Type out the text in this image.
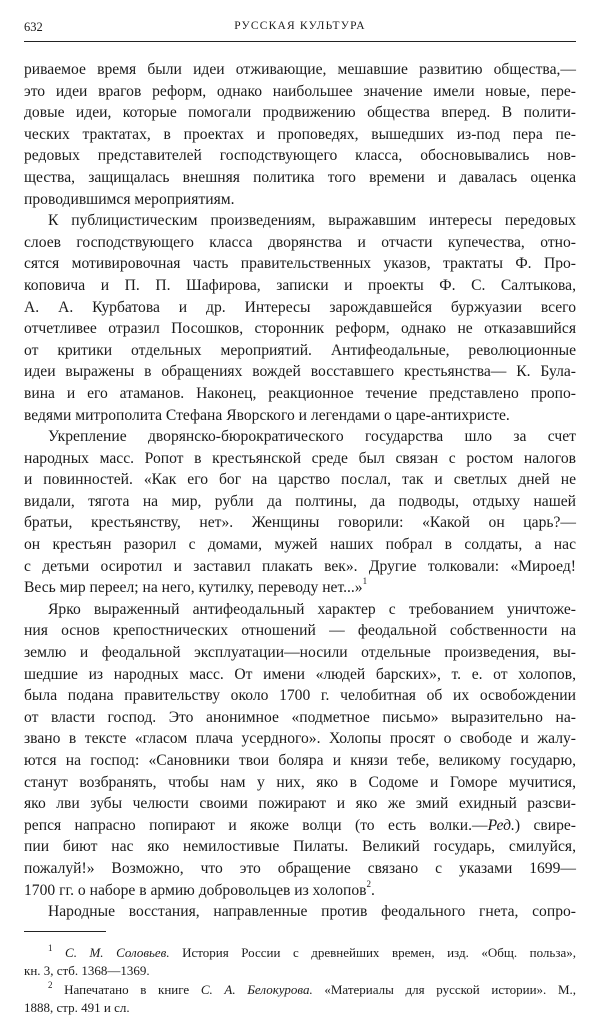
632	РУССКАЯ КУЛЬТУРА
риваемое время были идеи отживающие, мешавшие развитию общества,—
это идеи врагов реформ, однако наибольшее значение имели новые, пере-
довые идеи, которые помогали продвижению общества вперед. В полити-
ческих трактатах, в проектах и проповедях, вышедших из-под пера пе-
редовых представителей господствующего класса, обосновывались нов-
щества, защищалась внешняя политика того времени и давалась оценка
проводившимся мероприятиям.
К публицистическим произведениям, выражавшим интересы передовых
слоев господствующего класса дворянства и отчасти купечества, отно-
сятся мотивировочная часть правительственных указов, трактаты Ф. Про-
коповича и П. П. Шафирова, записки и проекты Ф. С. Салтыкова,
А. А. Курбатова и др. Интересы зарождавшейся буржуазии всего
отчетливее отразил Посошков, сторонник реформ, однако не отказавшийся
от критики отдельных мероприятий. Антифеодальные, революционные
идеи выражены в обращениях вождей восставшего крестьянства— К. Була-
вина и его атаманов. Наконец, реакционное течение представлено пропо-
ведями митрополита Стефана Яворского и легендами о царе-антихристе.
Укрепление дворянско-бюрократического государства шло за счет
народных масс. Ропот в крестьянской среде был связан с ростом налогов
и повинностей. «Как его бог на царство послал, так и светлых дней не
видали, тягота на мир, рубли да полтины, да подводы, отдыху нашей
братьи, крестьянству, нет». Женщины говорили: «Какой он царь?—
он крестьян разорил с домами, мужей наших побрал в солдаты, а нас
с детьми осиротил и заставил плакать век». Другие толковали: «Мироед!
Весь мир переел; на него, кутилку, переводу нет...»$^1$
Ярко выраженный антифеодальный характер с требованием уничтоже-
ния основ крепостнических отношений — феодальной собственности на
землю и феодальной эксплуатации—носили отдельные произведения, вы-
шедшие из народных масс. От имени «людей барских», т. е. от холопов,
была подана правительству около 1700 г. челобитная об их освобождении
от власти господ. Это анонимное «подметное письмо» выразительно на-
звано в тексте «гласом плача усердного». Холопы просят о свободе и жалу-
ются на господ: «Сановники твои боляра и князи тебе, великому государю,
станут возбранять, чтобы нам у них, яко в Содоме и Гоморе мучитися,
яко лви зубы челюсти своими пожирают и яко же змий ехидный разсви-
репся напрасно попирают и якоже волци (то есть волки.—Ред.) свире-
пии биют нас яко немилостивые Пилаты. Великий государь, смилуйся,
пожалуй!» Возможно, что это обращение связано с указами 1699—
1700 гг. о наборе в армию добровольцев из холопов$^2$.
Народные восстания, направленные против феодального гнета, сопро-
$^1$ С. М. Соловьев. История России с древнейших времен, изд. «Общ. польза»,
кн. 3, стб. 1368—1369.
$^2$ Напечатано в книге С. А. Белокурова. «Материалы для русской истории». М.,
1888, стр. 491 и сл.
